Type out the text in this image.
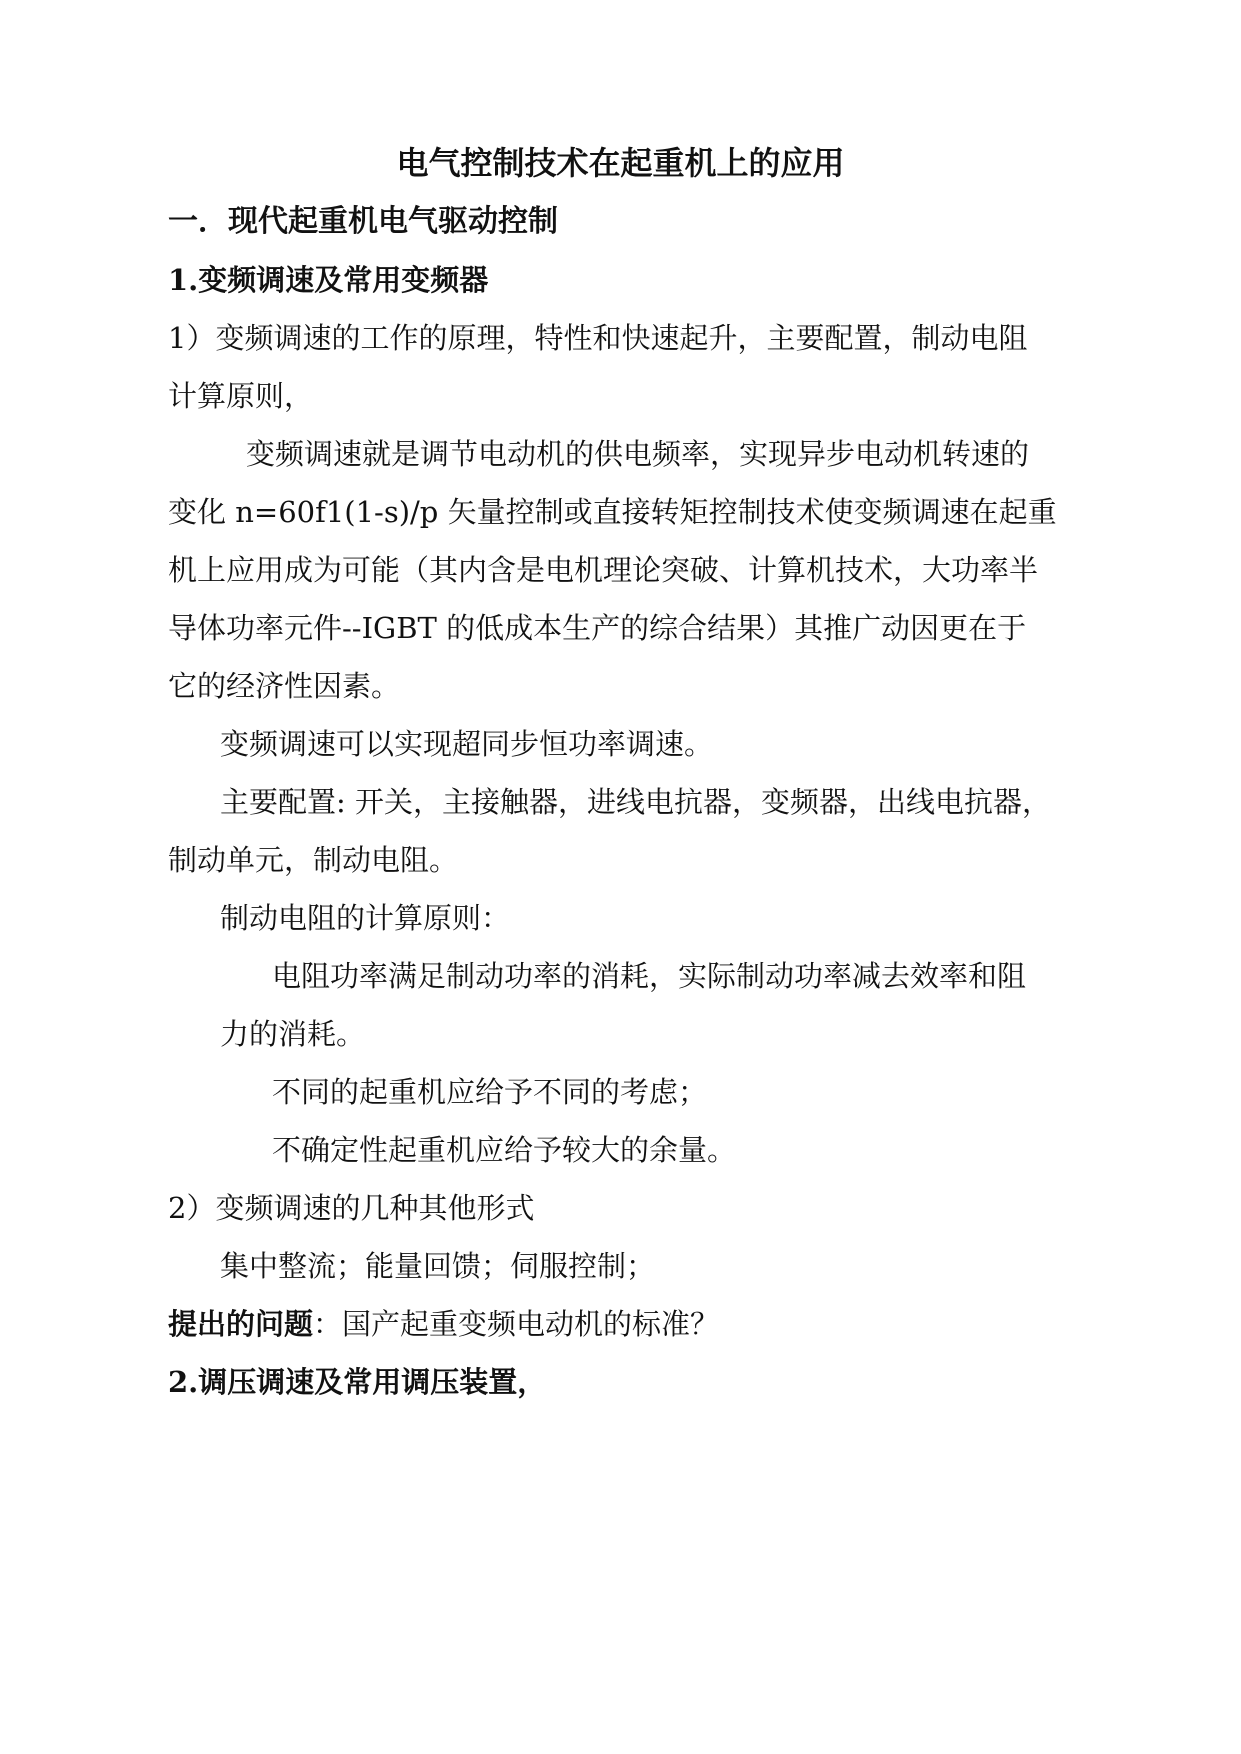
电气控制技术在起重机上的应用
一．现代起重机电气驱动控制
1.变频调速及常用变频器
1）变频调速的工作的原理，特性和快速起升，主要配置，制动电阻
计算原则，
变频调速就是调节电动机的供电频率，实现异步电动机转速的
变化 n=60f1(1-s)/p 矢量控制或直接转矩控制技术使变频调速在起重
机上应用成为可能（其内含是电机理论突破、计算机技术，大功率半
导体功率元件--IGBT 的低成本生产的综合结果）其推广动因更在于
它的经济性因素。
变频调速可以实现超同步恒功率调速。
主要配置: 开关，主接触器，进线电抗器，变频器，出线电抗器，
制动单元，制动电阻。
制动电阻的计算原则：
电阻功率满足制动功率的消耗，实际制动功率减去效率和阻
力的消耗。
不同的起重机应给予不同的考虑；
不确定性起重机应给予较大的余量。
2）变频调速的几种其他形式
集中整流；能量回馈；伺服控制；
提出的问题：国产起重变频电动机的标准？
2.调压调速及常用调压装置，
